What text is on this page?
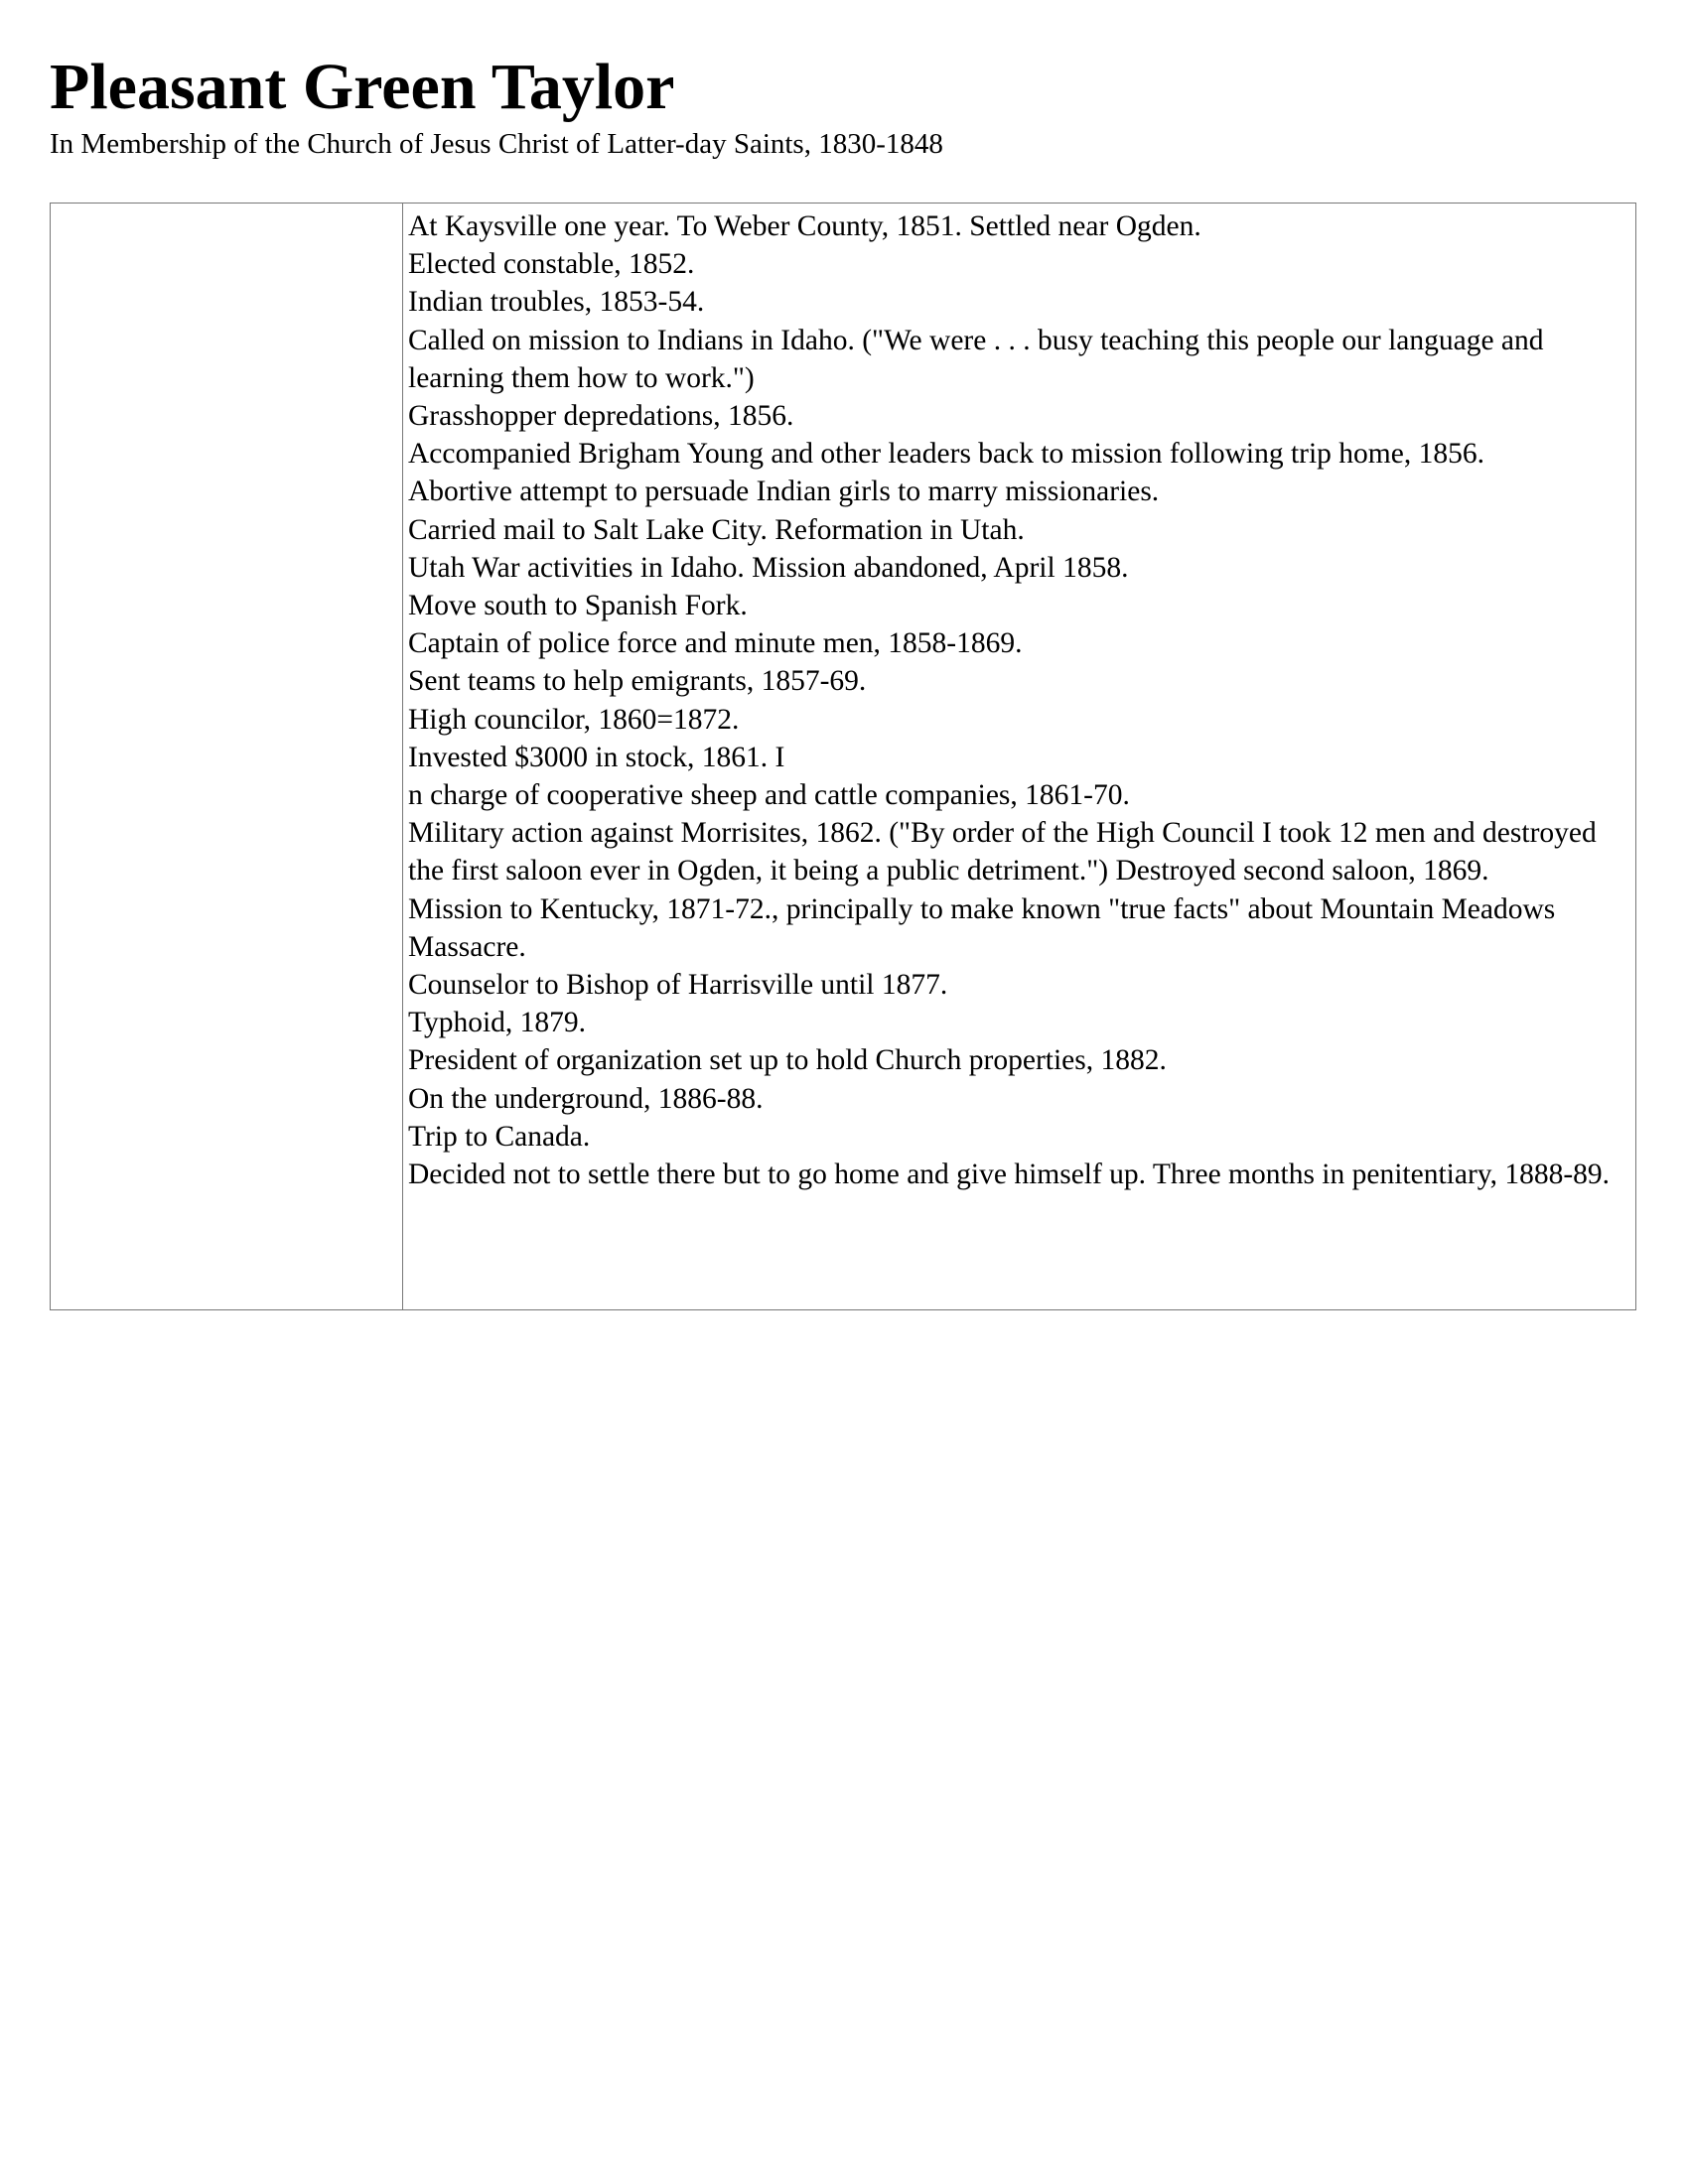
Pleasant Green Taylor
In Membership of the Church of Jesus Christ of Latter-day Saints, 1830-1848
At Kaysville one year. To Weber County, 1851. Settled near Ogden.
Elected constable, 1852.
Indian troubles, 1853-54.
Called on mission to Indians in Idaho. ("We were . . . busy teaching this people our language and learning them how to work.")
Grasshopper depredations, 1856.
Accompanied Brigham Young and other leaders back to mission following trip home, 1856.
Abortive attempt to persuade Indian girls to marry missionaries.
Carried mail to Salt Lake City. Reformation in Utah.
Utah War activities in Idaho. Mission abandoned, April 1858.
Move south to Spanish Fork.
Captain of police force and minute men, 1858-1869.
Sent teams to help emigrants, 1857-69.
High councilor, 1860=1872.
Invested $3000 in stock, 1861. I
n charge of cooperative sheep and cattle companies, 1861-70.
Military action against Morrisites, 1862. ("By order of the High Council I took 12 men and destroyed the first saloon ever in Ogden, it being a public detriment.") Destroyed second saloon, 1869.
Mission to Kentucky, 1871-72., principally to make known "true facts" about Mountain Meadows Massacre.
Counselor to Bishop of Harrisville until 1877.
Typhoid, 1879.
President of organization set up to hold Church properties, 1882.
On the underground, 1886-88.
Trip to Canada.
Decided not to settle there but to go home and give himself up. Three months in penitentiary, 1888-89.
